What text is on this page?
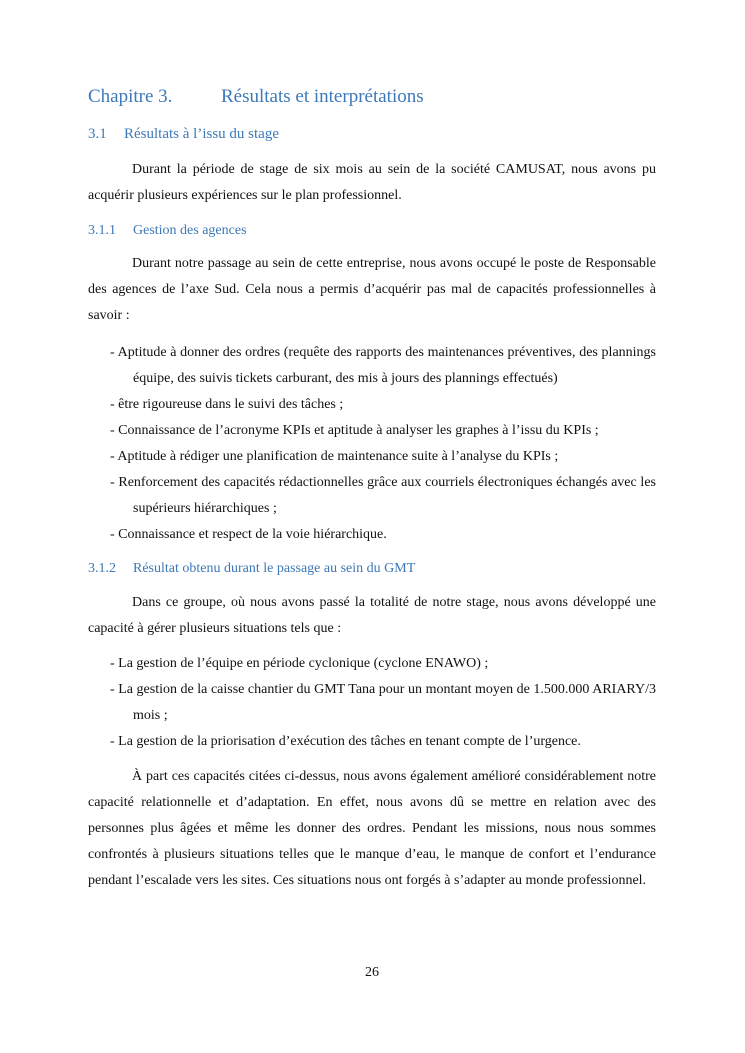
Chapitre 3.	Résultats et interprétations
3.1 Résultats à l’issu du stage

Durant la période de stage de six mois au sein de la société CAMUSAT, nous avons pu acquérir plusieurs expériences sur le plan professionnel.

3.1.1 Gestion des agences

Durant notre passage au sein de cette entreprise, nous avons occupé le poste de Responsable des agences de l’axe Sud. Cela nous a permis d’acquérir pas mal de capacités professionnelles à savoir :

- Aptitude à donner des ordres (requête des rapports des maintenances préventives, des plannings équipe, des suivis tickets carburant, des mis à jours des plannings effectués)
- être rigoureuse dans le suivi des tâches ;
- Connaissance de l’acronyme KPIs et aptitude à analyser les graphes à l’issu du KPIs ;
- Aptitude à rédiger une planification de maintenance suite à l’analyse du KPIs ;
- Renforcement des capacités rédactionnelles grâce aux courriels électroniques échangés avec les supérieurs hiérarchiques ;
- Connaissance et respect de la voie hiérarchique.
3.1.2 Résultat obtenu durant le passage au sein du GMT

Dans ce groupe, où nous avons passé la totalité de notre stage, nous avons développé une capacité à gérer plusieurs situations tels que :

- La gestion de l’équipe en période cyclonique (cyclone ENAWO) ;
- La gestion de la caisse chantier du GMT Tana pour un montant moyen de 1.500.000 ARIARY/3 mois ;
- La gestion de la priorisation d’exécution des tâches en tenant compte de l’urgence.

À part ces capacités citées ci-dessus, nous avons également amélioré considérablement notre capacité relationnelle et d’adaptation. En effet, nous avons dû se mettre en relation avec des personnes plus âgées et même les donner des ordres. Pendant les missions, nous nous sommes confrontés à plusieurs situations telles que le manque d’eau, le manque de confort et l’endurance pendant l’escalade vers les sites. Ces situations nous ont forgés à s’adapter au monde professionnel.

26
